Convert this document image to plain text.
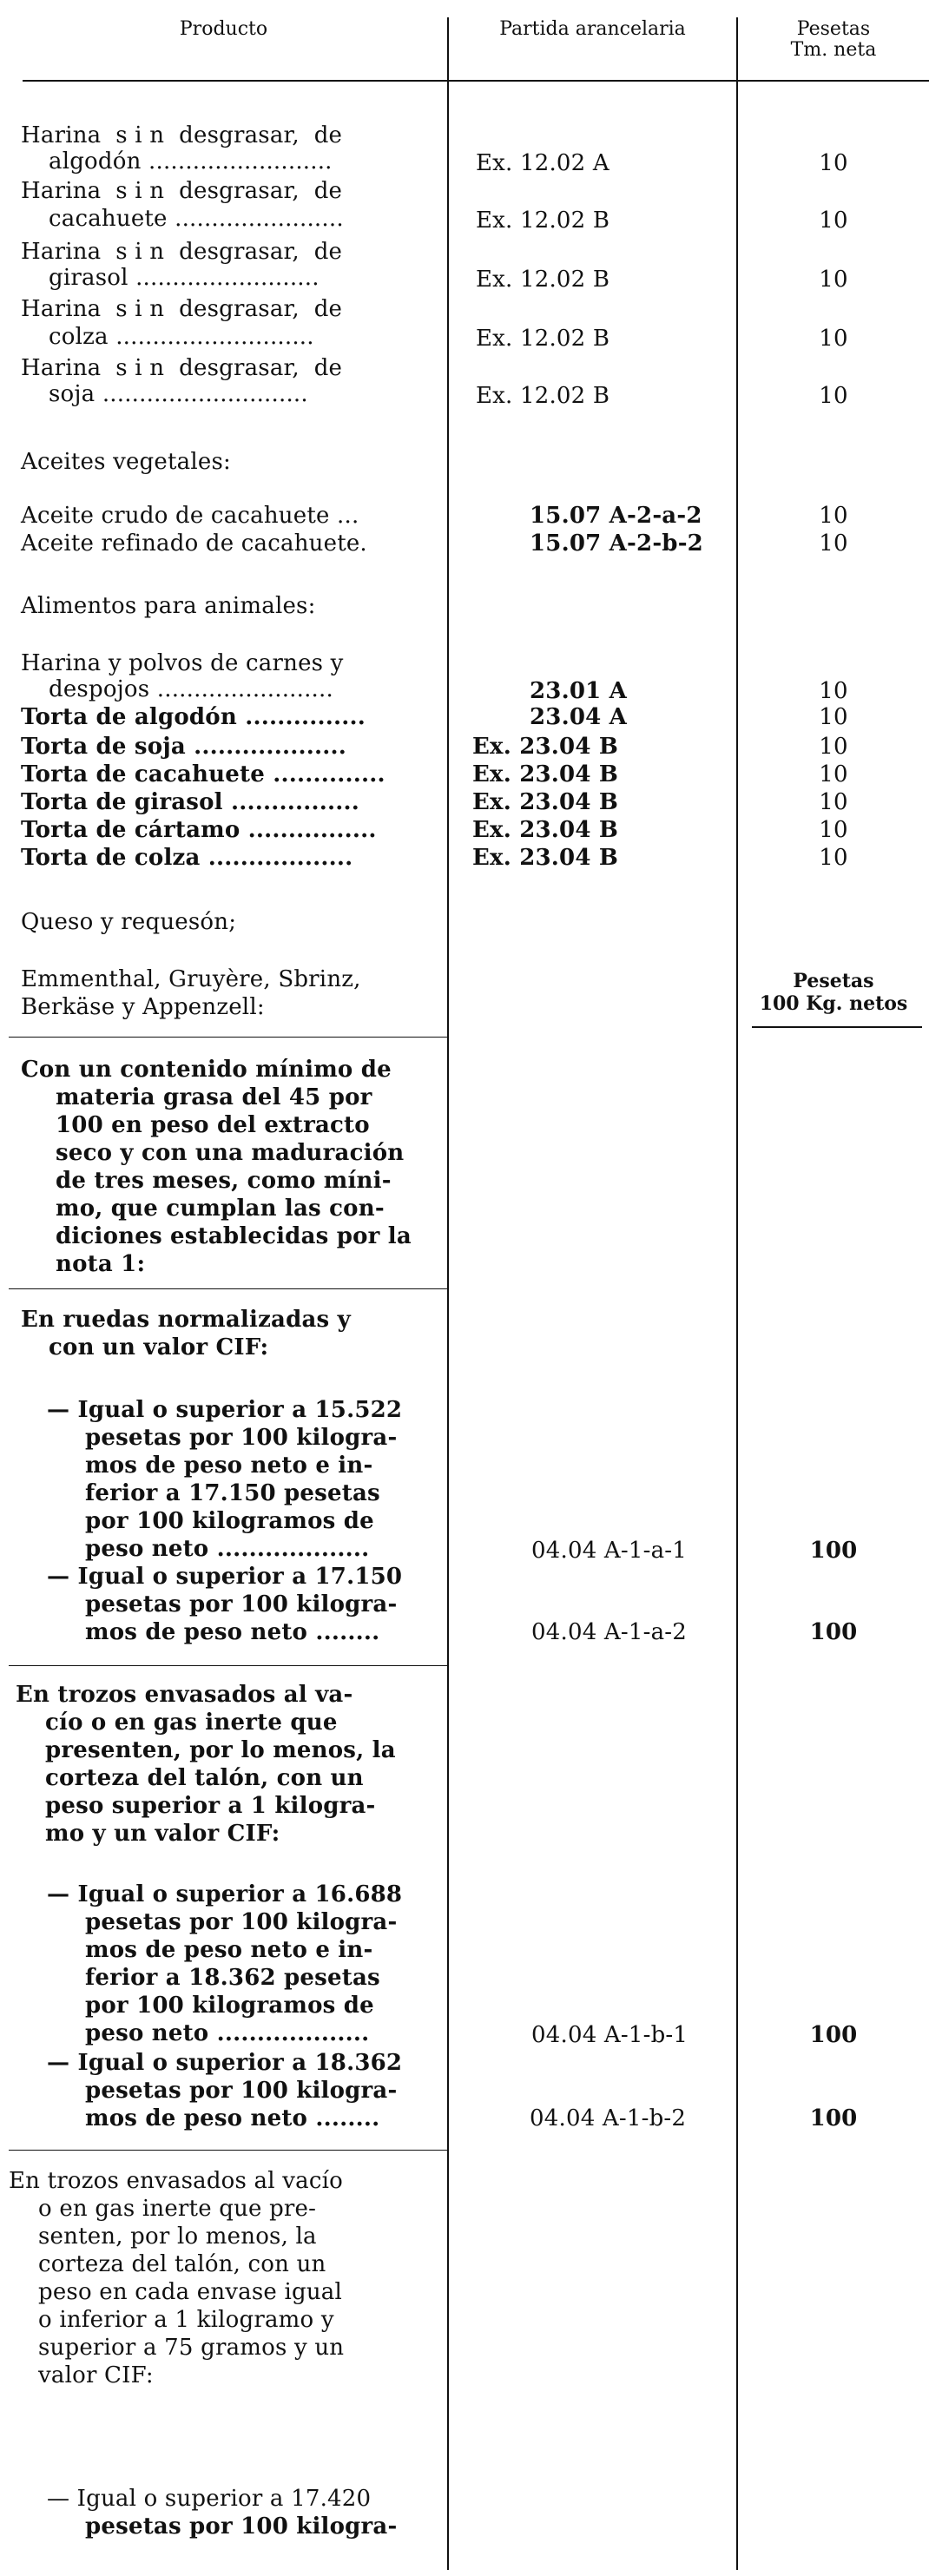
Producto	Partida arancelaria	Pesetas
Tm. neta
Harina  s i n  desgrasar,  de
algodón .........................	Ex. 12.02 A	10
Harina  s i n  desgrasar,  de
cacahuete .......................	Ex. 12.02 B	10
Harina  s i n  desgrasar,  de
girasol .........................	Ex. 12.02 B	10
Harina  s i n  desgrasar,  de
colza ...........................	Ex. 12.02 B	10
Harina  s i n  desgrasar,  de
soja ............................	Ex. 12.02 B	10
Aceites vegetales:
Aceite crudo de cacahuete ...	15.07 A-2-a-2	10
Aceite refinado de cacahuete.	15.07 A-2-b-2	10
Alimentos para animales:
Harina y polvos de carnes y
despojos ........................	23.01 A	10
Torta de algodón ...............	23.04 A	10
Torta de soja ...................	Ex. 23.04 B	10
Torta de cacahuete ..............	Ex. 23.04 B	10
Torta de girasol ................	Ex. 23.04 B	10
Torta de cártamo ................	Ex. 23.04 B	10
Torta de colza ..................	Ex. 23.04 B	10
Queso y requesón;
Emmenthal, Gruyère, Sbrinz,
Berkäse y Appenzell:
Pesetas
100 Kg. netos
Con un contenido mínimo de
materia grasa del 45 por
100 en peso del extracto
seco y con una maduración
de tres meses, como míni-
mo, que cumplan las con-
diciones establecidas por la
nota 1:
En ruedas normalizadas y
con un valor CIF:
— Igual o superior a 15.522
pesetas por 100 kilogra-
mos de peso neto e in-
ferior a 17.150 pesetas
por 100 kilogramos de
peso neto ...................	04.04 A-1-a-1	100
— Igual o superior a 17.150
pesetas por 100 kilogra-
mos de peso neto ........	04.04 A-1-a-2	100
En trozos envasados al va-
cío o en gas inerte que
presenten, por lo menos, la
corteza del talón, con un
peso superior a 1 kilogra-
mo y un valor CIF:
— Igual o superior a 16.688
pesetas por 100 kilogra-
mos de peso neto e in-
ferior a 18.362 pesetas
por 100 kilogramos de
peso neto ...................	04.04 A-1-b-1	100
— Igual o superior a 18.362
pesetas por 100 kilogra-
mos de peso neto ........	04.04 A-1-b-2	100
En trozos envasados al vacío
o en gas inerte que pre-
senten, por lo menos, la
corteza del talón, con un
peso en cada envase igual
o inferior a 1 kilogramo y
superior a 75 gramos y un
valor CIF:
— Igual o superior a 17.420
pesetas por 100 kilogra-
